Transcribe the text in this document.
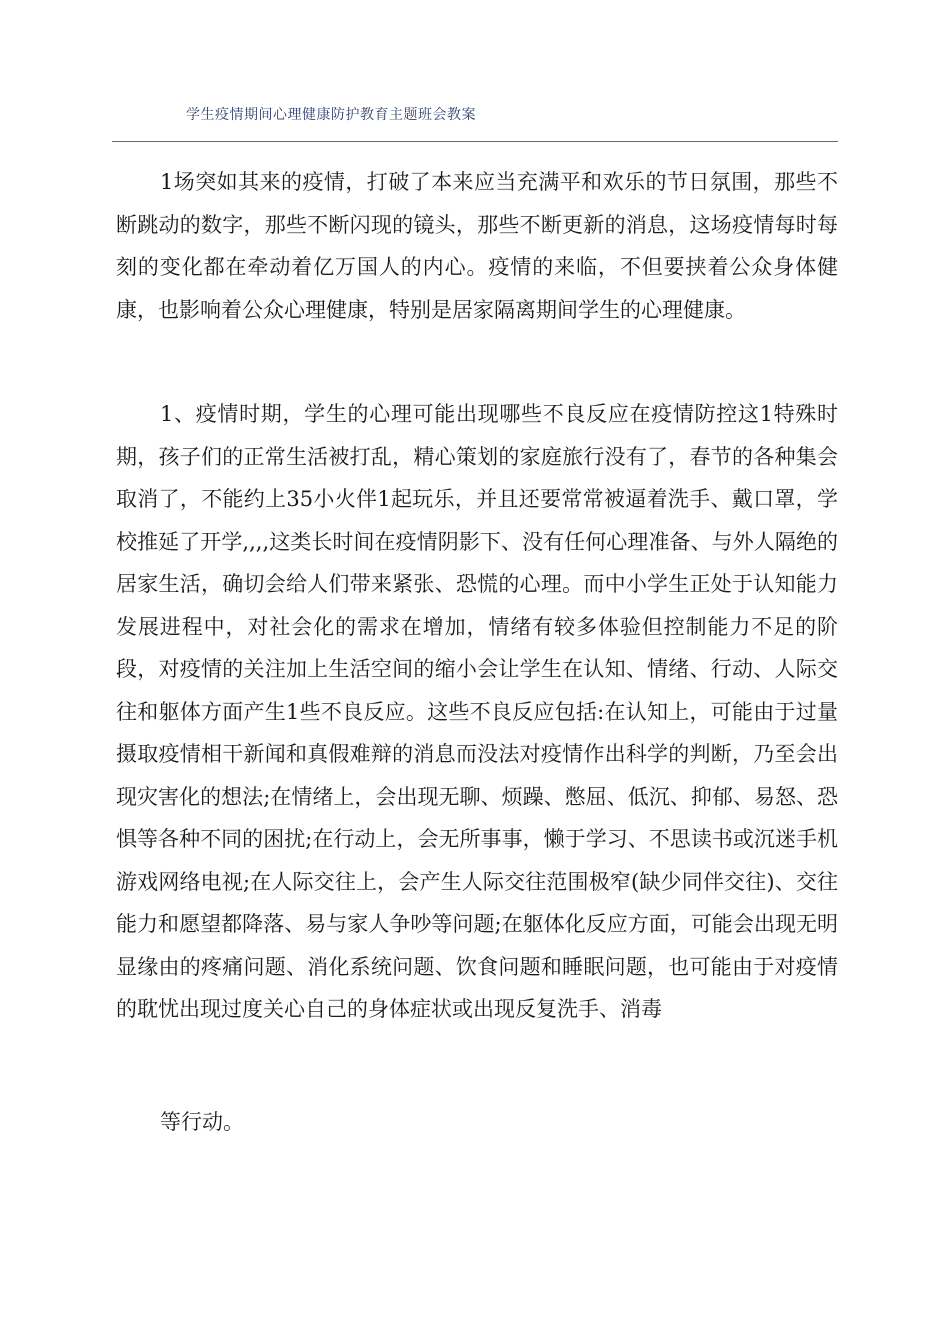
学生疫情期间心理健康防护教育主题班会教案

1场突如其来的疫情，打破了本来应当充满平和欢乐的节日氛围，那些不断跳动的数字，那些不断闪现的镜头，那些不断更新的消息，这场疫情每时每刻的变化都在牵动着亿万国人的内心。疫情的来临，不但要挟着公众身体健康，也影响着公众心理健康，特别是居家隔离期间学生的心理健康。

1、疫情时期，学生的心理可能出现哪些不良反应在疫情防控这1特殊时期，孩子们的正常生活被打乱，精心策划的家庭旅行没有了，春节的各种集会取消了，不能约上35小火伴1起玩乐，并且还要常常被逼着洗手、戴口罩，学校推延了开学,,,,这类长时间在疫情阴影下、没有任何心理准备、与外人隔绝的居家生活，确切会给人们带来紧张、恐慌的心理。而中小学生正处于认知能力发展进程中，对社会化的需求在增加，情绪有较多体验但控制能力不足的阶段，对疫情的关注加上生活空间的缩小会让学生在认知、情绪、行动、人际交往和躯体方面产生1些不良反应。这些不良反应包括:在认知上，可能由于过量摄取疫情相干新闻和真假难辩的消息而没法对疫情作出科学的判断，乃至会出现灾害化的想法;在情绪上，会出现无聊、烦躁、憋屈、低沉、抑郁、易怒、恐惧等各种不同的困扰;在行动上，会无所事事，懒于学习、不思读书或沉迷手机游戏网络电视;在人际交往上，会产生人际交往范围极窄(缺少同伴交往)、交往能力和愿望都降落、易与家人争吵等问题;在躯体化反应方面，可能会出现无明显缘由的疼痛问题、消化系统问题、饮食问题和睡眠问题，也可能由于对疫情的耽忧出现过度关心自己的身体症状或出现反复洗手、消毒

等行动。
